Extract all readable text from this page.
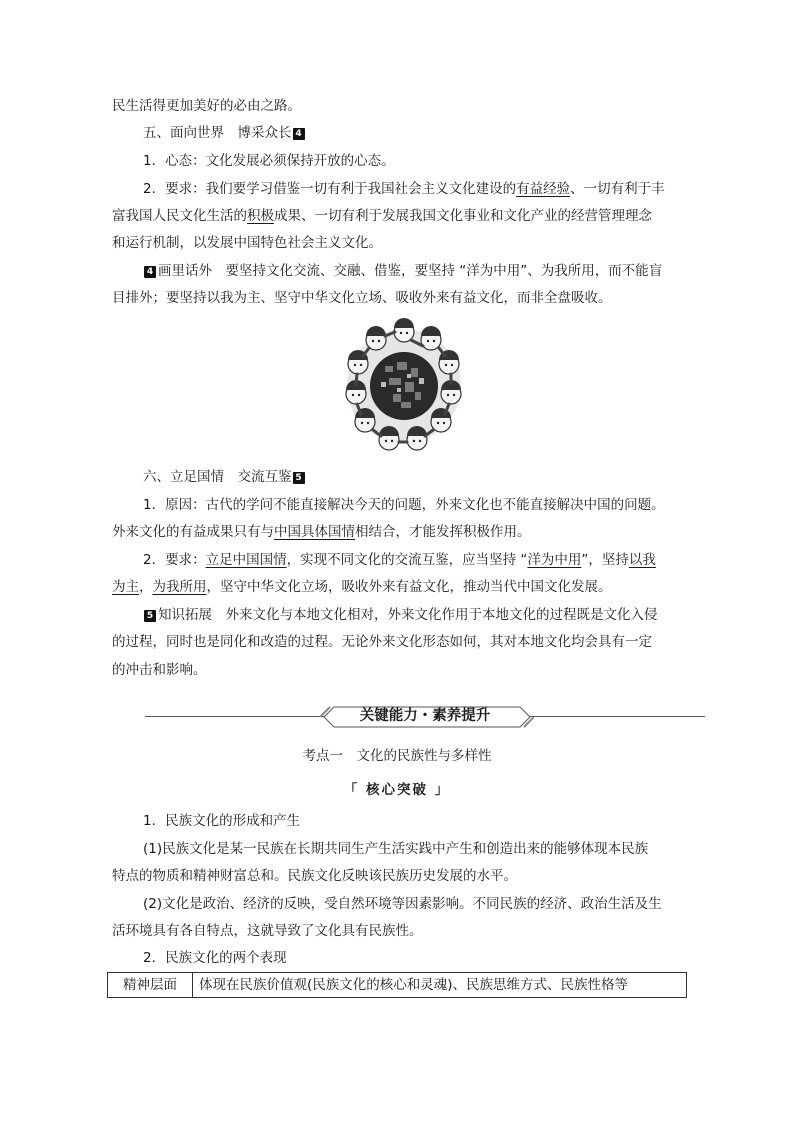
民生活得更加美好的必由之路。
五、面向世界　博采众长 4
1．心态：文化发展必须保持开放的心态。
2．要求：我们要学习借鉴一切有利于我国社会主义文化建设的有益经验、一切有利于丰
富我国人民文化生活的积极成果、一切有利于发展我国文化事业和文化产业的经营管理理念
和运行机制，以发展中国特色社会主义文化。
4 画里话外　要坚持文化交流、交融、借鉴，要坚持 “洋为中用”、为我所用，而不能盲
目排外；要坚持以我为主、坚守中华文化立场、吸收外来有益文化，而非全盘吸收。
六、立足国情　交流互鉴 5
1．原因：古代的学问不能直接解决今天的问题，外来文化也不能直接解决中国的问题。
外来文化的有益成果只有与中国具体国情相结合，才能发挥积极作用。
2．要求：立足中国国情，实现不同文化的交流互鉴，应当坚持 “洋为中用”，坚持以我
为主，为我所用，坚守中华文化立场，吸收外来有益文化，推动当代中国文化发展。
5 知识拓展　外来文化与本地文化相对，外来文化作用于本地文化的过程既是文化入侵
的过程，同时也是同化和改造的过程。无论外来文化形态如何，其对本地文化均会具有一定
的冲击和影响。
关键能力・素养提升
考点一　文化的民族性与多样性
「 核心突破 」
1．民族文化的形成和产生
(1)民族文化是某一民族在长期共同生产生活实践中产生和创造出来的能够体现本民族
特点的物质和精神财富总和。民族文化反映该民族历史发展的水平。
(2)文化是政治、经济的反映，受自然环境等因素影响。不同民族的经济、政治生活及生
活环境具有各自特点，这就导致了文化具有民族性。
2．民族文化的两个表现
精神层面	体现在民族价值观(民族文化的核心和灵魂)、民族思维方式、民族性格等
